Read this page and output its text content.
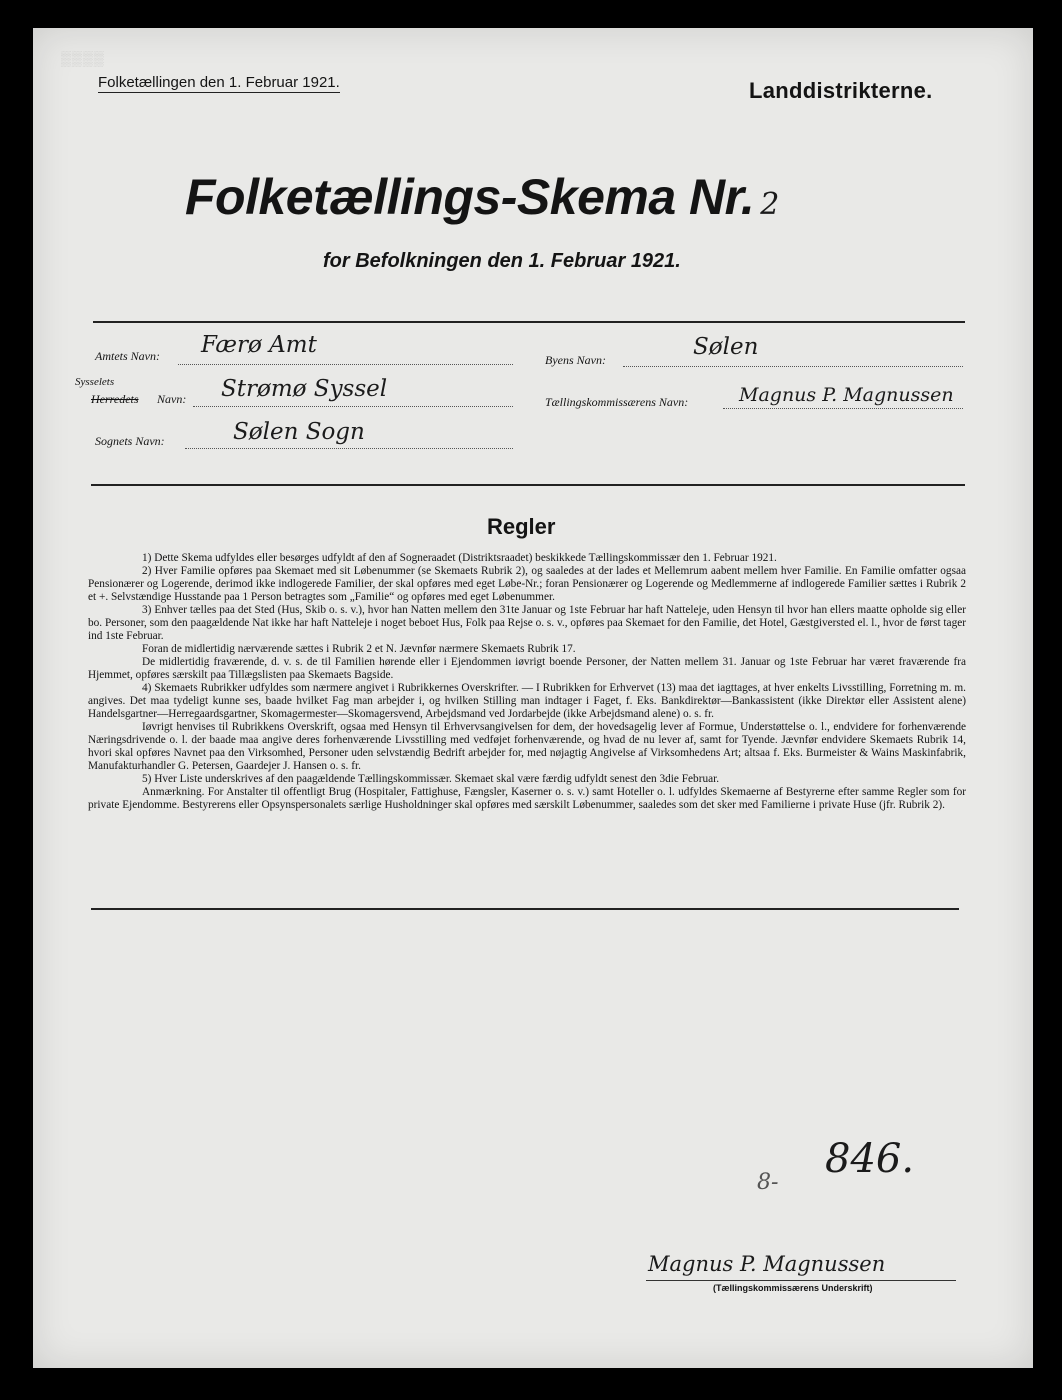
▒▒▒▒
Folketællingen den 1. Februar 1921.	Landdistrikterne.
Folketællings-Skema Nr. 2
for Befolkningen den 1. Februar 1921.
Amtets Navn: Færø Amt
Byens Navn:	Sølen
Sysselets
Herredets Navn: Strømø Syssel	Tællingskommissærens Navn:	Magnus P. Magnussen
Sognets Navn:	Sølen Sogn
Regler

1) Dette Skema udfyldes eller besørges udfyldt af den af Sogneraadet (Distriktsraadet) beskikkede Tællingskommissær den 1. Februar 1921.

2) Hver Familie opføres paa Skemaet med sit Løbenummer (se Skemaets Rubrik 2), og saaledes at der lades et Mellemrum aabent mellem hver Familie. En Familie omfatter ogsaa Pensionærer og Logerende, derimod ikke indlogerede Familier, der skal opføres med eget Løbe-Nr.; foran Pensionærer og Logerende og Medlemmerne af indlogerede Familier sættes i Rubrik 2 et +. Selvstændige Husstande paa 1 Person betragtes som „Familie“ og opføres med eget Løbenummer.

3) Enhver tælles paa det Sted (Hus, Skib o. s. v.), hvor han Natten mellem den 31te Januar og 1ste Februar har haft Natteleje, uden Hensyn til hvor han ellers maatte opholde sig eller bo. Personer, som den paagældende Nat ikke har haft Natteleje i noget beboet Hus, Folk paa Rejse o. s. v., opføres paa Skemaet for den Familie, det Hotel, Gæstgiversted el. l., hvor de først tager ind 1ste Februar.

Foran de midlertidig nærværende sættes i Rubrik 2 et N. Jævnfør nærmere Skemaets Rubrik 17.

De midlertidig fraværende, d. v. s. de til Familien hørende eller i Ejendommen iøvrigt boende Personer, der Natten mellem 31. Januar og 1ste Februar har været fraværende fra Hjemmet, opføres særskilt paa Tillægslisten paa Skemaets Bagside.

4) Skemaets Rubrikker udfyldes som nærmere angivet i Rubrikkernes Overskrifter. — I Rubrikken for Erhvervet (13) maa det iagttages, at hver enkelts Livsstilling, Forretning m. m. angives. Det maa tydeligt kunne ses, baade hvilket Fag man arbejder i, og hvilken Stilling man indtager i Faget, f. Eks. Bankdirektør—Bankassistent (ikke Direktør eller Assistent alene) Handelsgartner—Herregaardsgartner, Skomagermester—Skomagersvend, Arbejdsmand ved Jordarbejde (ikke Arbejdsmand alene) o. s. fr.

Iøvrigt henvises til Rubrikkens Overskrift, ogsaa med Hensyn til Erhvervsangivelsen for dem, der hovedsagelig lever af Formue, Understøttelse o. l., endvidere for forhenværende Næringsdrivende o. l. der baade maa angive deres forhenværende Livsstilling med vedføjet forhenværende, og hvad de nu lever af, samt for Tyende. Jævnfør endvidere Skemaets Rubrik 14, hvori skal opføres Navnet paa den Virksomhed, Personer uden selvstændig Bedrift arbejder for, med nøjagtig Angivelse af Virksomhedens Art; altsaa f. Eks. Burmeister & Wains Maskinfabrik, Manufakturhandler G. Petersen, Gaardejer J. Hansen o. s. fr.

5) Hver Liste underskrives af den paagældende Tællingskommissær. Skemaet skal være færdig udfyldt senest den 3die Februar.

Anmærkning. For Anstalter til offentligt Brug (Hospitaler, Fattighuse, Fængsler, Kaserner o. s. v.) samt Hoteller o. l. udfyldes Skemaerne af Bestyrerne efter samme Regler som for private Ejendomme. Bestyrerens eller Opsynspersonalets særlige Husholdninger skal opføres med særskilt Løbenummer, saaledes som det sker med Familierne i private Huse (jfr. Rubrik 2).

846.
8-
Magnus P. Magnussen
(Tællingskommissærens Underskrift)
